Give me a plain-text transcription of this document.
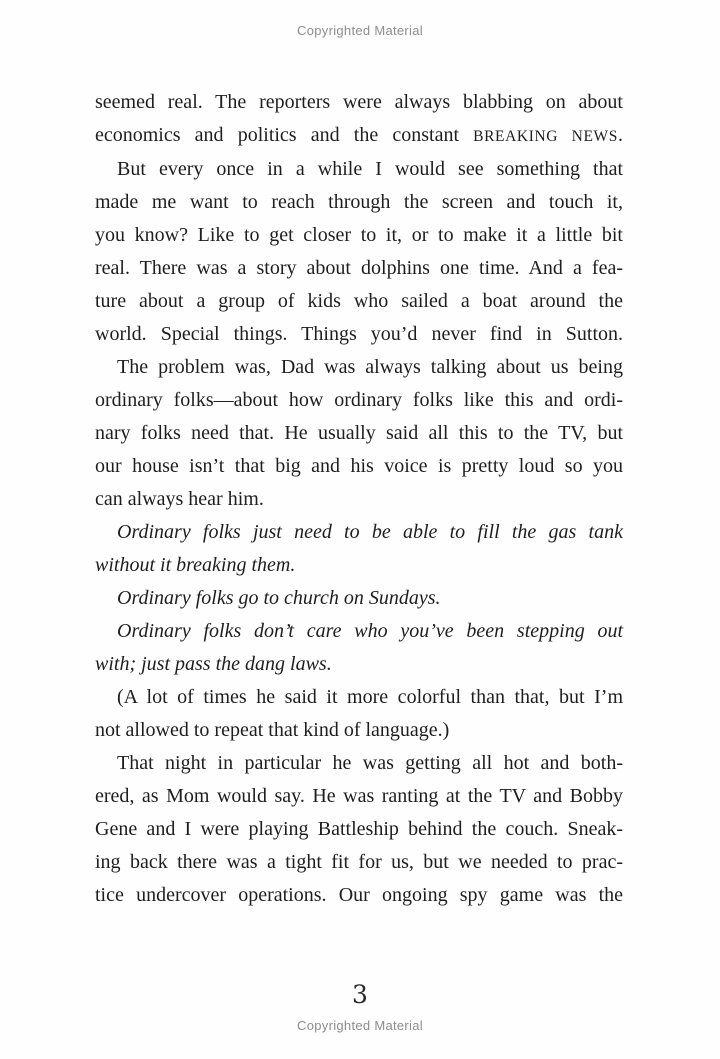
Copyrighted Material
seemed real. The reporters were always blabbing on about
economics and politics and the constant BREAKING NEWS.
But every once in a while I would see something that
made me want to reach through the screen and touch it,
you know? Like to get closer to it, or to make it a little bit
real. There was a story about dolphins one time. And a fea-
ture about a group of kids who sailed a boat around the
world. Special things. Things you’d never find in Sutton.
The problem was, Dad was always talking about us being
ordinary folks—about how ordinary folks like this and ordi-
nary folks need that. He usually said all this to the TV, but
our house isn’t that big and his voice is pretty loud so you
can always hear him.
Ordinary folks just need to be able to fill the gas tank
without it breaking them.
Ordinary folks go to church on Sundays.
Ordinary folks don’t care who you’ve been stepping out
with; just pass the dang laws.
(A lot of times he said it more colorful than that, but I’m
not allowed to repeat that kind of language.)
That night in particular he was getting all hot and both-
ered, as Mom would say. He was ranting at the TV and Bobby
Gene and I were playing Battleship behind the couch. Sneak-
ing back there was a tight fit for us, but we needed to prac-
tice undercover operations. Our ongoing spy game was the
3
Copyrighted Material
